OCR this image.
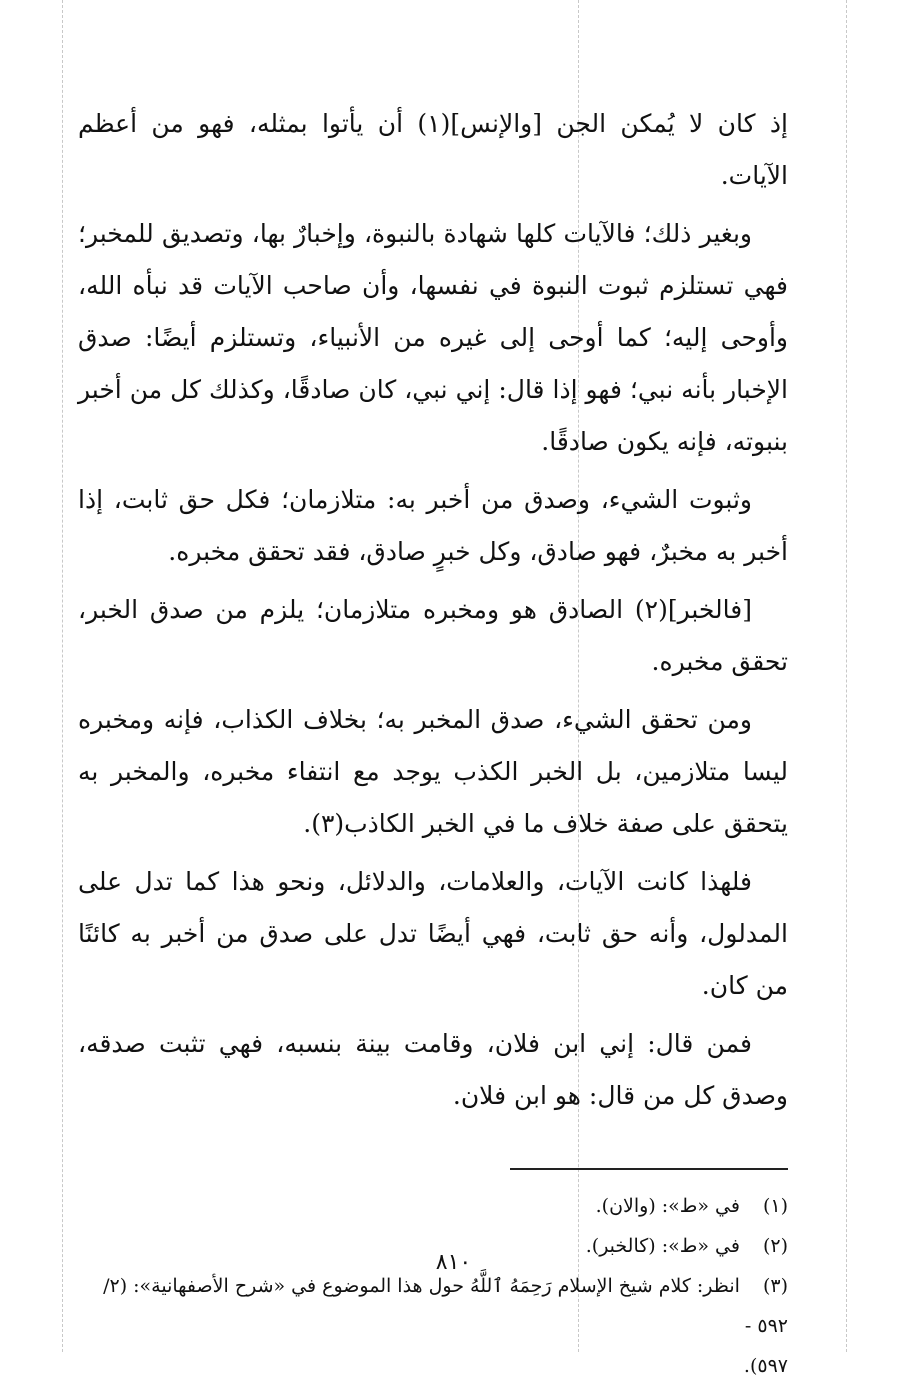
إذ كان لا يُمكن الجن [والإنس](١) أن يأتوا بمثله، فهو من أعظم الآيات.

وبغير ذلك؛ فالآيات كلها شهادة بالنبوة، وإخبارٌ بها، وتصديق للمخبر؛ فهي تستلزم ثبوت النبوة في نفسها، وأن صاحب الآيات قد نبأه الله، وأوحى إليه؛ كما أوحى إلى غيره من الأنبياء، وتستلزم أيضًا: صدق الإخبار بأنه نبي؛ فهو إذا قال: إني نبي، كان صادقًا، وكذلك كل من أخبر بنبوته، فإنه يكون صادقًا.

وثبوت الشيء، وصدق من أخبر به: متلازمان؛ فكل حق ثابت، إذا أخبر به مخبرٌ، فهو صادق، وكل خبرٍ صادق، فقد تحقق مخبره.

[فالخبر](٢) الصادق هو ومخبره متلازمان؛ يلزم من صدق الخبر، تحقق مخبره.

ومن تحقق الشيء، صدق المخبر به؛ بخلاف الكذاب، فإنه ومخبره ليسا متلازمين، بل الخبر الكذب يوجد مع انتفاء مخبره، والمخبر به يتحقق على صفة خلاف ما في الخبر الكاذب(٣).

فلهذا كانت الآيات، والعلامات، والدلائل، ونحو هذا كما تدل على المدلول، وأنه حق ثابت، فهي أيضًا تدل على صدق من أخبر به كائنًا من كان.

فمن قال: إني ابن فلان، وقامت بينة بنسبه، فهي تثبت صدقه، وصدق كل من قال: هو ابن فلان.

(١) في «ط»: (والان).
(٢) في «ط»: (كالخبر).
(٣) انظر: كلام شيخ الإسلام رَحِمَهُ ٱللَّهُ حول هذا الموضوع في «شرح الأصفهانية»: (٢/ ٥٩٢ -
٥٩٧).
٨١٠
